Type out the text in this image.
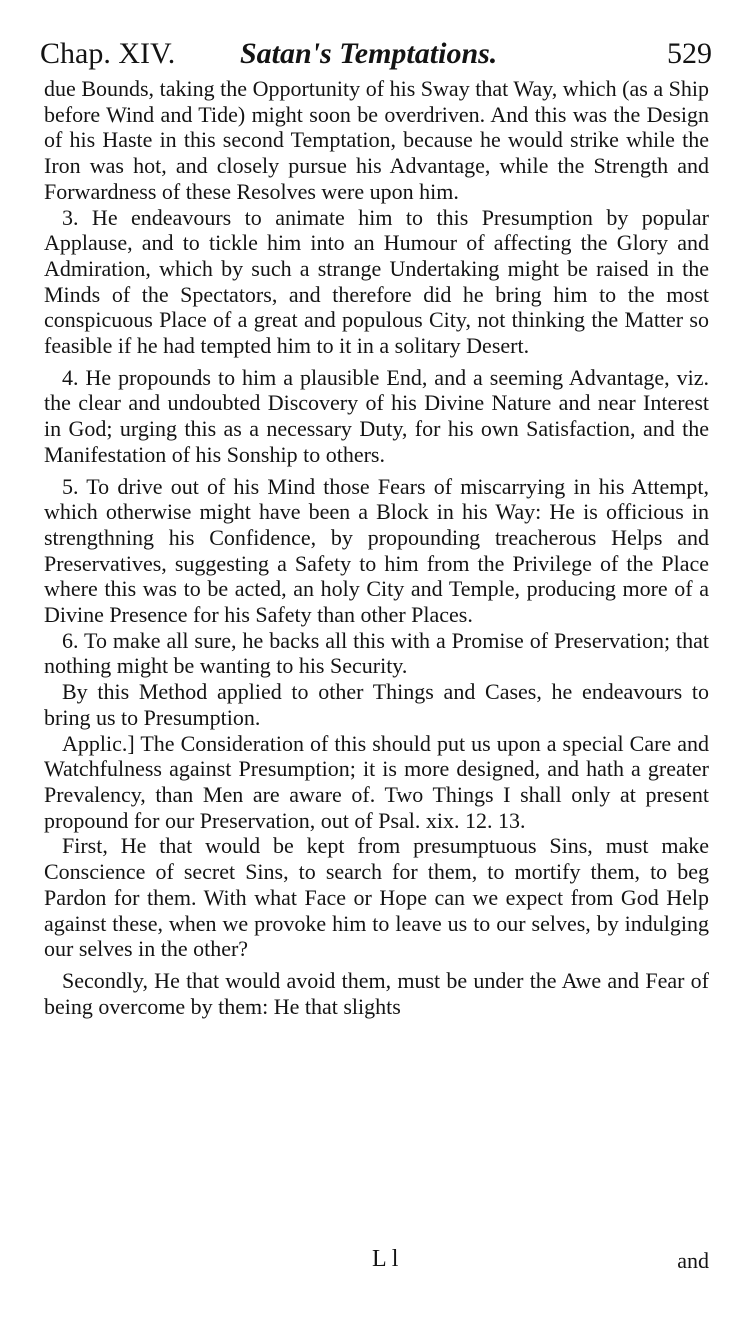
Chap. XIV. Satan's Temptations.	529

due Bounds, taking the Opportunity of his Sway that Way, which (as a Ship before Wind and Tide) might soon be overdriven. And this was the Design of his Haste in this second Temptation, because he would strike while the Iron was hot, and closely pursue his Advantage, while the Strength and Forwardness of these Resolves were upon him.

3. He endeavours to animate him to this Presumption by popular Applause, and to tickle him into an Humour of affecting the Glory and Admiration, which by such a strange Undertaking might be raised in the Minds of the Spectators, and therefore did he bring him to the most conspicuous Place of a great and populous City, not thinking the Matter so feasible if he had tempted him to it in a solitary Desert.

4. He propounds to him a plausible End, and a seeming Advantage, viz. the clear and undoubted Discovery of his Divine Nature and near Interest in God; urging this as a necessary Duty, for his own Satisfaction, and the Manifestation of his Sonship to others.

5. To drive out of his Mind those Fears of miscarrying in his Attempt, which otherwise might have been a Block in his Way: He is officious in strengthning his Confidence, by propounding treacherous Helps and Preservatives, suggesting a Safety to him from the Privilege of the Place where this was to be acted, an holy City and Temple, producing more of a Divine Presence for his Safety than other Places.

6. To make all sure, he backs all this with a Promise of Preservation; that nothing might be wanting to his Security.

By this Method applied to other Things and Cases, he endeavours to bring us to Presumption.

Applic.] The Consideration of this should put us upon a special Care and Watchfulness against Presumption; it is more designed, and hath a greater Prevalency, than Men are aware of. Two Things I shall only at present propound for our Preservation, out of Psal. xix. 12. 13.

First, He that would be kept from presumptuous Sins, must make Conscience of secret Sins, to search for them, to mortify them, to beg Pardon for them. With what Face or Hope can we expect from God Help against these, when we provoke him to leave us to our selves, by indulging our selves in the other?

Secondly, He that would avoid them, must be under the Awe and Fear of being overcome by them: He that slights

L l	and
